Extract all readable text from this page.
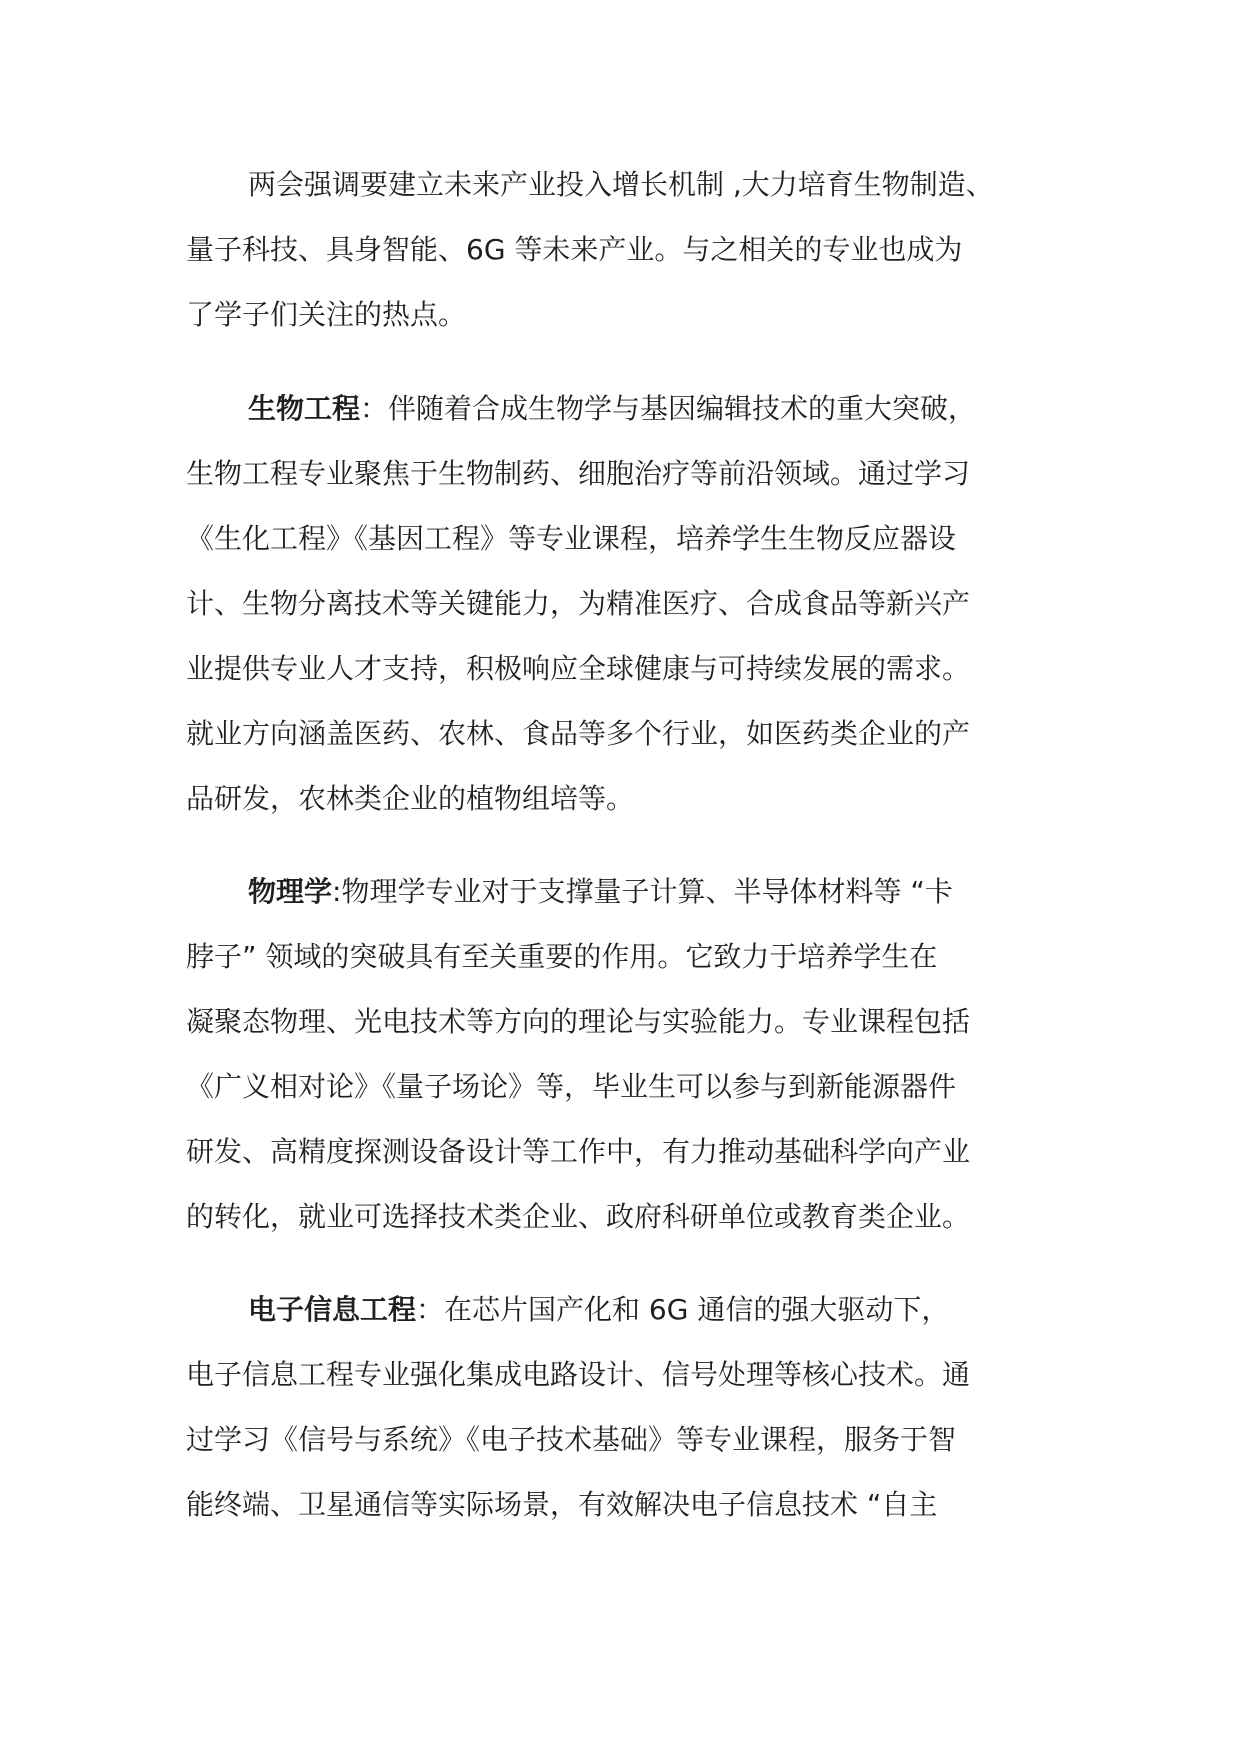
两会强调要建立未来产业投入增长机制 ,大力培育生物制造、
量子科技、具身智能、6G 等未来产业。与之相关的专业也成为
了学子们关注的热点。
生物工程：伴随着合成生物学与基因编辑技术的重大突破，
生物工程专业聚焦于生物制药、细胞治疗等前沿领域。通过学习
《生化工程》《基因工程》等专业课程，培养学生生物反应器设
计、生物分离技术等关键能力，为精准医疗、合成食品等新兴产
业提供专业人才支持，积极响应全球健康与可持续发展的需求。
就业方向涵盖医药、农林、食品等多个行业，如医药类企业的产
品研发，农林类企业的植物组培等。
物理学:物理学专业对于支撑量子计算、半导体材料等 “卡
脖子” 领域的突破具有至关重要的作用。它致力于培养学生在
凝聚态物理、光电技术等方向的理论与实验能力。专业课程包括
《广义相对论》《量子场论》等，毕业生可以参与到新能源器件
研发、高精度探测设备设计等工作中，有力推动基础科学向产业
的转化，就业可选择技术类企业、政府科研单位或教育类企业。
电子信息工程：在芯片国产化和 6G 通信的强大驱动下，
电子信息工程专业强化集成电路设计、信号处理等核心技术。通
过学习《信号与系统》《电子技术基础》等专业课程，服务于智
能终端、卫星通信等实际场景，有效解决电子信息技术 “自主
